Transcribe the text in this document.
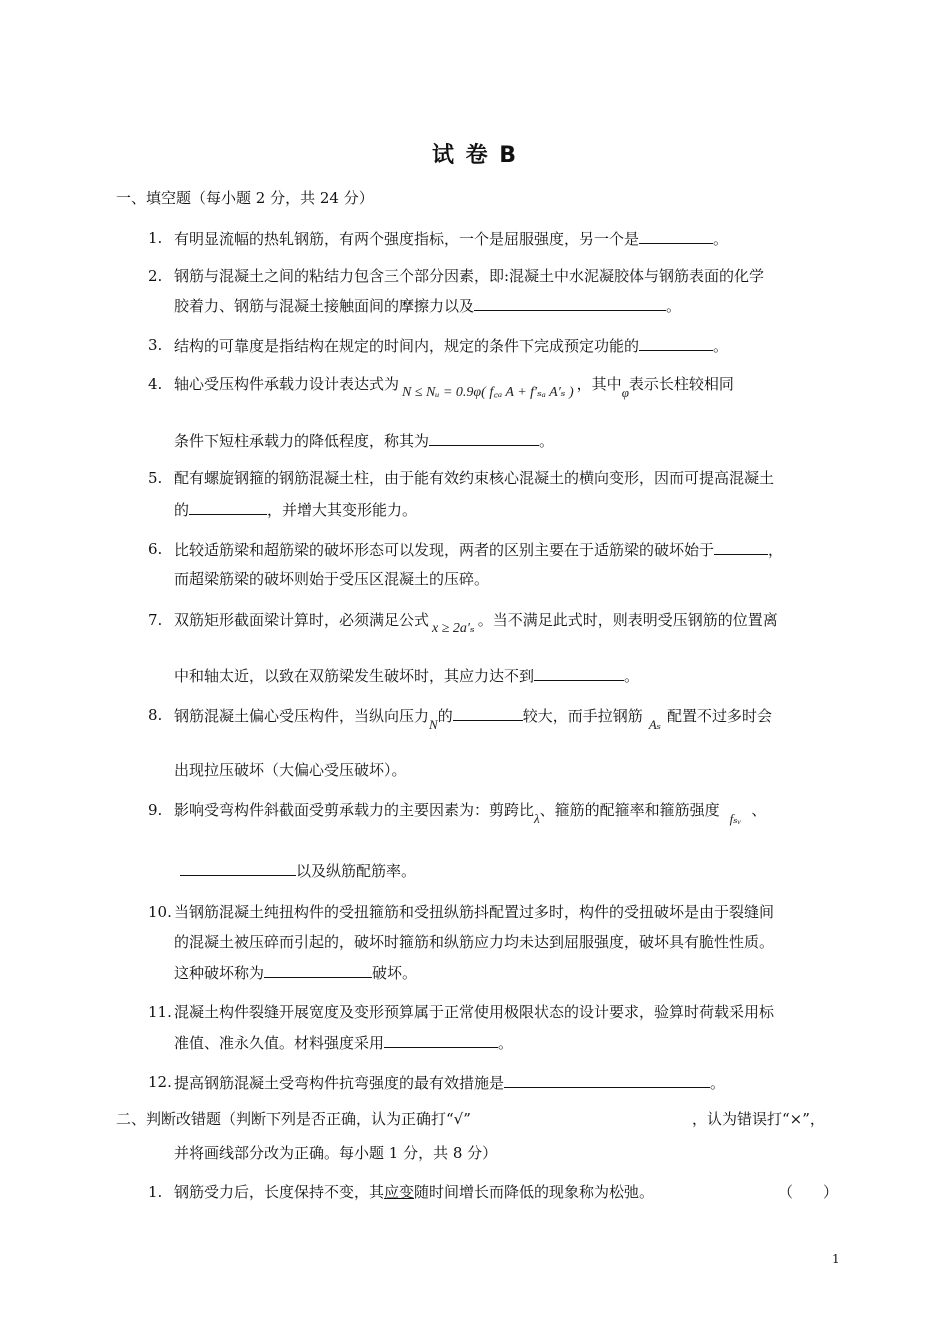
试 卷 B
一、填空题（每小题 2 分，共 24 分）
1. 有明显流幅的热轧钢筋，有两个强度指标，一个是屈服强度，另一个是	。
2. 钢筋与混凝土之间的粘结力包含三个部分因素，即:混凝土中水泥凝胶体与钢筋表面的化学
胶着力、钢筋与混凝土接触面间的摩擦力以及	。
3. 结构的可靠度是指结构在规定的时间内，规定的条件下完成预定功能的	。
4. 轴心受压构件承载力设计表达式为 N ≤ Nᵤ = 0.9φ( f꜀ₐ A + f′ₛₐ A′ₛ ) ，其中φ表示长柱较相同
条件下短柱承载力的降低程度，称其为	。
5. 配有螺旋钢箍的钢筋混凝土柱，由于能有效约束核心混凝土的横向变形，因而可提高混凝土
的	，并增大其变形能力。
6. 比较适筋梁和超筋梁的破坏形态可以发现，两者的区别主要在于适筋梁的破坏始于	，
而超梁筋梁的破坏则始于受压区混凝土的压碎。
7. 双筋矩形截面梁计算时，必须满足公式 x ≥ 2a′ₛ 。当不满足此式时，则表明受压钢筋的位置离
中和轴太近，以致在双筋梁发生破坏时，其应力达不到	。
8. 钢筋混凝土偏心受压构件，当纵向压力N的	较大，而手拉钢筋 Aₛ 配置不过多时会
出现拉压破坏（大偏心受压破坏）。
9. 影响受弯构件斜截面受剪承载力的主要因素为：剪跨比λ、箍筋的配箍率和箍筋强度 fₛᵥ 、
以及纵筋配筋率。
10. 当钢筋混凝土纯扭构件的受扭箍筋和受扭纵筋抖配置过多时，构件的受扭破坏是由于裂缝间
的混凝土被压碎而引起的，破坏时箍筋和纵筋应力均未达到屈服强度，破坏具有脆性性质。
这种破坏称为	破坏。
11. 混凝土构件裂缝开展宽度及变形预算属于正常使用极限状态的设计要求，验算时荷载采用标
准值、准永久值。材料强度采用	。
12. 提高钢筋混凝土受弯构件抗弯强度的最有效措施是	。
二、判断改错题（判断下列是否正确，认为正确打“√”	，认为错误打“×”，
并将画线部分改为正确。每小题 1 分，共 8 分）
1. 钢筋受力后，长度保持不变，其应变随时间增长而降低的现象称为松弛。	（　　）
1
